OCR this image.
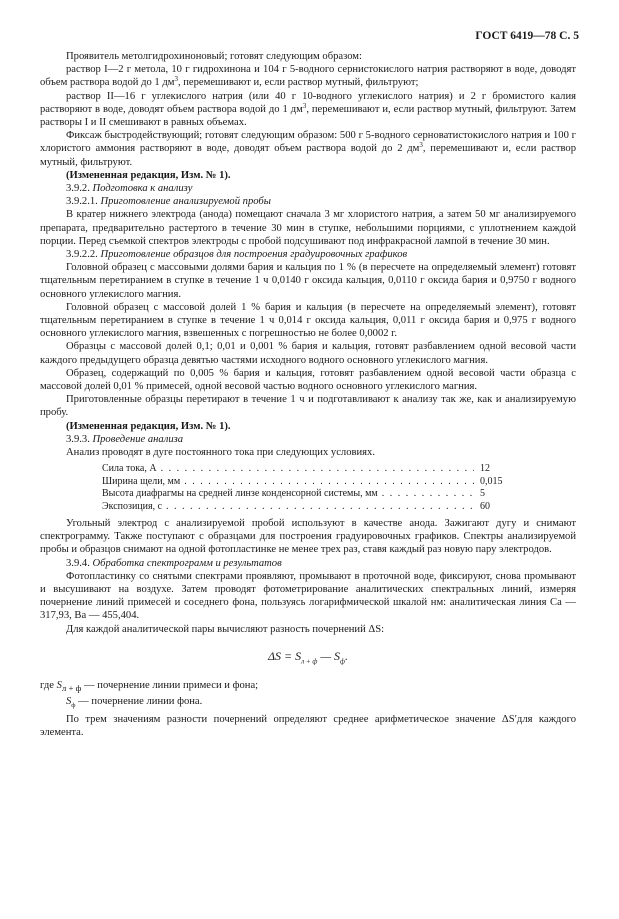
ГОСТ 6419—78 С. 5

Проявитель метолгидрохиноновый; готовят следующим образом:

раствор I—2 г метола, 10 г гидрохинона и 104 г 5-водного сернистокислого натрия растворяют в воде, доводят объем раствора водой до 1 $дм^3$, перемешивают и, если раствор мутный, фильтруют;

раствор II—16 г углекислого натрия (или 40 г 10-водного углекислого натрия) и 2 г бромистого калия растворяют в воде, доводят объем раствора водой до 1 $дм^3$, перемешивают и, если раствор мутный, фильтруют. Затем растворы I и II смешивают в равных объемах.

Фиксаж быстродействующий; готовят следующим образом: 500 г 5-водного серноватистокислого натрия и 100 г хлористого аммония растворяют в воде, доводят объем раствора водой до 2 $дм^3$, перемешивают и, если раствор мутный, фильтруют.

(Измененная редакция, Изм. № 1).

3.9.2. Подготовка к анализу

3.9.2.1. Приготовление анализируемой пробы

В кратер нижнего электрода (анода) помещают сначала 3 мг хлористого натрия, а затем 50 мг анализируемого препарата, предварительно растертого в течение 30 мин в ступке, небольшими порциями, с уплотнением каждой порции. Перед съемкой спектров электроды с пробой подсушивают под инфракрасной лампой в течение 30 мин.

3.9.2.2. Приготовление образцов для построения градуировочных графиков

Головной образец с массовыми долями бария и кальция по 1 % (в пересчете на определяемый элемент) готовят тщательным перетиранием в ступке в течение 1 ч 0,0140 г оксида кальция, 0,0110 г оксида бария и 0,9750 г водного основного углекислого магния.

Головной образец с массовой долей 1 % бария и кальция (в пересчете на определяемый элемент), готовят тщательным перетиранием в ступке в течение 1 ч 0,014 г оксида кальция, 0,011 г оксида бария и 0,975 г водного основного углекислого магния, взвешенных с погрешностью не более 0,0002 г.

Образцы с массовой долей 0,1; 0,01 и 0,001 % бария и кальция, готовят разбавлением одной весовой части каждого предыдущего образца девятью частями исходного водного основного углекислого магния.

Образец, содержащий по 0,005 % бария и кальция, готовят разбавлением одной весовой части образца с массовой долей 0,01 % примесей, одной весовой частью водного основного углекислого магния.

Приготовленные образцы перетирают в течение 1 ч и подготавливают к анализу так же, как и анализируемую пробу.

(Измененная редакция, Изм. № 1).

3.9.3. Проведение анализа

Анализ проводят в дуге постоянного тока при следующих условиях.

Сила тока, А . . .	12
Ширина щели, мм . . .	0,015
Высота диафрагмы на средней линзе конденсорной системы, мм . . .	5
Экспозиция, с . . .	60

Угольный электрод с анализируемой пробой используют в качестве анода. Зажигают дугу и снимают спектрограмму. Также поступают с образцами для построения градуировочных графиков. Спектры анализируемой пробы и образцов снимают на одной фотопластинке не менее трех раз, ставя каждый раз новую пару электродов.

3.9.4. Обработка спектрограмм и результатов

Фотопластинку со снятыми спектрами проявляют, промывают в проточной воде, фиксируют, снова промывают и высушивают на воздухе. Затем проводят фотометрирование аналитических спектральных линий, измеряя почернение линий примесей и соседнего фона, пользуясь логарифмической шкалой нм: аналитическая линия Ca — 317,93, Ba — 455,404.

Для каждой аналитической пары вычисляют разность почернений ΔS:

$\Delta S = S_{л + ф}$ — $S_ф$.

где $S_{л + ф}$ — почернение линии примеси и фона;

$S_ф$ — почернение линии фона.

По трем значениям разности почернений определяют среднее арифметическое значение ΔS′для каждого элемента.
